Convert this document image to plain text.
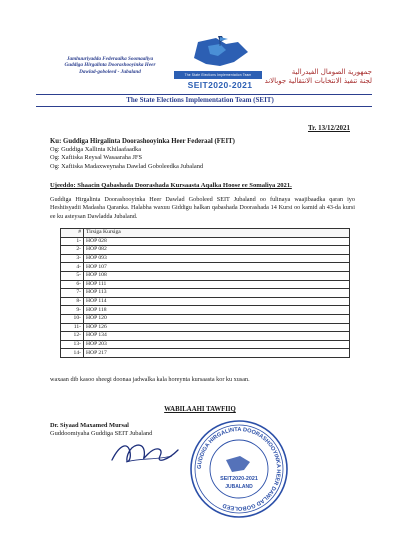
Jamhuuriyadda Federaalka Soomaaliya
Guddiga Hirgalinta Doorashooyinka Heer
Dawlad-goboleed - Jubaland
The State Elections Implementation Team
SEIT2020-2021
جمهورية الصومال الفيدرالية
لجنة تنفيذ الانتخابات الانتقالية جوبالاند
The State Elections Implementation Team (SEIT)
Tr. 13/12/2021
Ku: Guddiga Hirgalinta Doorashooyinka Heer Federaal (FEIT)
Og: Guddiga Xallinta Khilaafaadka
Og: Xafiiska Reysal Wasaaraha JFS
Og: Xafiiska Madaxweynaha Dawlad Goboleedka Jubaland
Ujeeddo: Shaacin Qabashada Doorashada Kursaasta Aqalka Hoose ee Somaliya 2021.
Guddiga Hirgalinta Doorashooyinka Heer Dawlad Goboleed SEIT Jubaland oo fulinaya waajibaadka qaran iyo Heshiisyadii Madasha Qaranka. Halabha waxuu Giddigu halkan qabashada Doorashada 14 Kursi oo kamid ah 43-da kursi ee ku asteysan Dawladda Jubaland.
#	Tirsiga Kursiga
1-	HOP 028
2-	HOP 082
3-	HOP 093
4-	HOP 107
5-	HOP 108
6-	HOP 111
7-	HOP 113
8-	HOP 114
9-	HOP 118
10-	HOP 120
11-	HOP 126
12-	HOP 134
13-	HOP 203
14-	HOP 217
waxaan dib kasoo sheegi doonaa jadwalka kala horeynta kursaasta kor ku xusan.
WABILAAHI TAWFIIQ
Dr. Siyaad Maxamed Mursal
Guddoomiyaha Guddiga SEIT Jubaland
GUDDIGA HIRGALINTA DOORASHOOYINKA HEER DAWLAD GOBOLEED
SEIT2020-2021
JUBALAND
